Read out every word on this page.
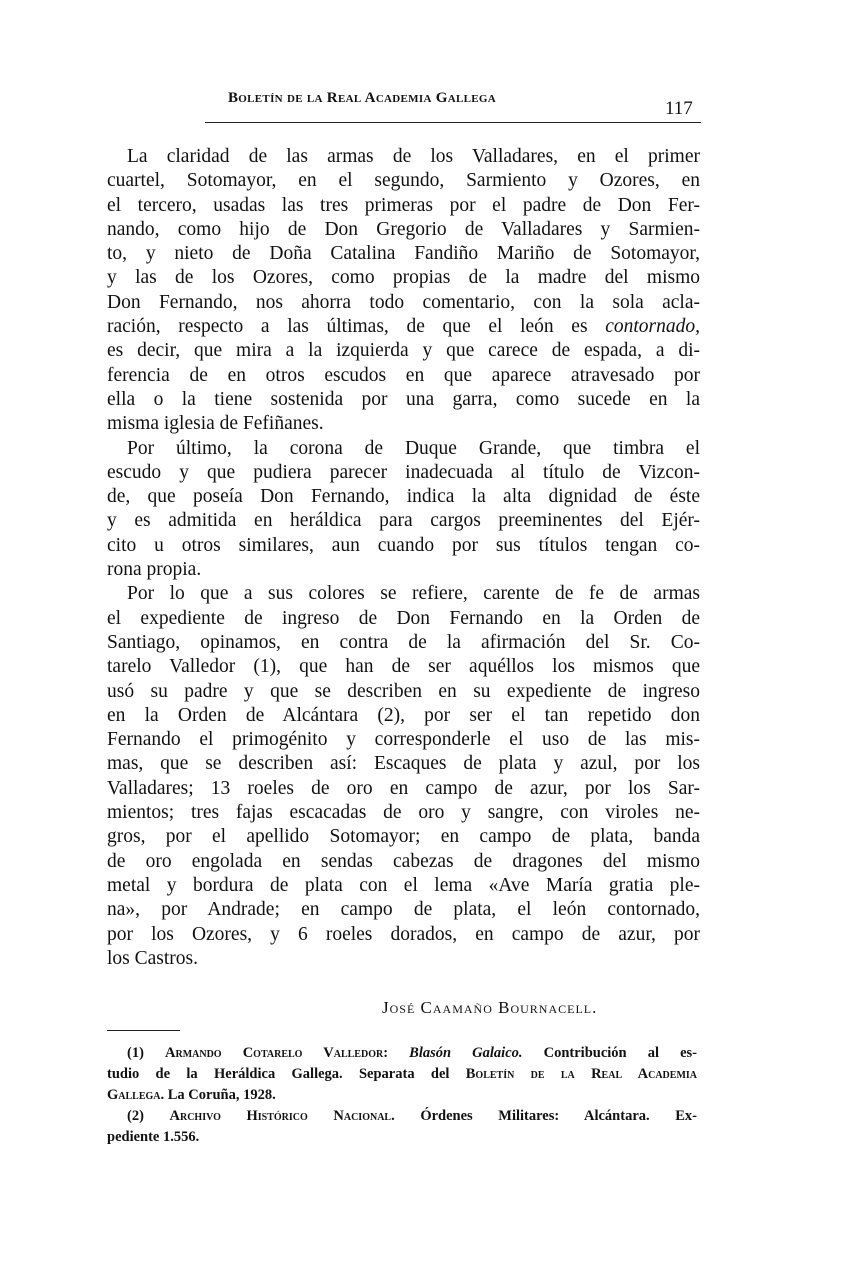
Boletín de la Real Academia Gallega	117
La claridad de las armas de los Valladares, en el primer
cuartel, Sotomayor, en el segundo, Sarmiento y Ozores, en
el tercero, usadas las tres primeras por el padre de Don Fer-
nando, como hijo de Don Gregorio de Valladares y Sarmien-
to, y nieto de Doña Catalina Fandiño Mariño de Sotomayor,
y las de los Ozores, como propias de la madre del mismo
Don Fernando, nos ahorra todo comentario, con la sola acla-
ración, respecto a las últimas, de que el león es contornado,
es decir, que mira a la izquierda y que carece de espada, a di-
ferencia de en otros escudos en que aparece atravesado por
ella o la tiene sostenida por una garra, como sucede en la
misma iglesia de Fefiñanes.
Por último, la corona de Duque Grande, que timbra el
escudo y que pudiera parecer inadecuada al título de Vizcon-
de, que poseía Don Fernando, indica la alta dignidad de éste
y es admitida en heráldica para cargos preeminentes del Ejér-
cito u otros similares, aun cuando por sus títulos tengan co-
rona propia.
Por lo que a sus colores se refiere, carente de fe de armas
el expediente de ingreso de Don Fernando en la Orden de
Santiago, opinamos, en contra de la afirmación del Sr. Co-
tarelo Valledor (1), que han de ser aquéllos los mismos que
usó su padre y que se describen en su expediente de ingreso
en la Orden de Alcántara (2), por ser el tan repetido don
Fernando el primogénito y corresponderle el uso de las mis-
mas, que se describen así: Escaques de plata y azul, por los
Valladares; 13 roeles de oro en campo de azur, por los Sar-
mientos; tres fajas escacadas de oro y sangre, con viroles ne-
gros, por el apellido Sotomayor; en campo de plata, banda
de oro engolada en sendas cabezas de dragones del mismo
metal y bordura de plata con el lema «Ave María gratia ple-
na», por Andrade; en campo de plata, el león contornado,
por los Ozores, y 6 roeles dorados, en campo de azur, por
los Castros.
José Caamaño Bournacell.
(1) Armando Cotarelo Valledor: Blasón Galaico. Contribución al es-
tudio de la Heráldica Gallega. Separata del Boletín de la Real Academia
Gallega. La Coruña, 1928.
(2) Archivo Histórico Nacional. Órdenes Militares: Alcántara. Ex-
pediente 1.556.
